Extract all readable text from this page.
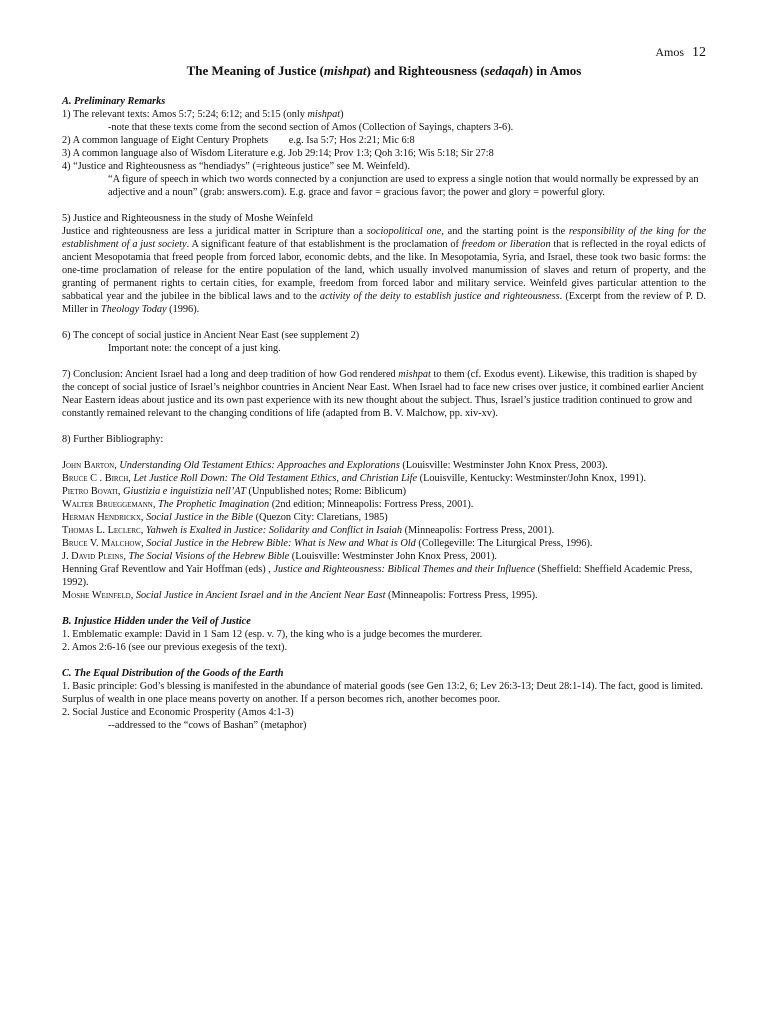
Amos 12
The Meaning of Justice (mishpat) and Righteousness (sedaqah) in Amos

A. Preliminary Remarks

1) The relevant texts: Amos 5:7; 5:24; 6:12; and 5:15 (only mishpat)

-note that these texts come from the second section of Amos (Collection of Sayings, chapters 3-6).

2) A common language of Eight Century Prophets        e.g. Isa 5:7; Hos 2:21; Mic 6:8

3) A common language also of Wisdom Literature e.g. Job 29:14; Prov 1:3; Qoh 3:16; Wis 5:18; Sir 27:8

4) “Justice and Righteousness as “hendiadys” (=righteous justice” see M. Weinfeld).

“A figure of speech in which two words connected by a conjunction are used to express a single notion that would normally be expressed by an adjective and a noun” (grab: answers.com). E.g. grace and favor = gracious favor; the power and glory = powerful glory.

5) Justice and Righteousness in the study of Moshe Weinfeld

Justice and righteousness are less a juridical matter in Scripture than a sociopolitical one, and the starting point is the responsibility of the king for the establishment of a just society. A significant feature of that establishment is the proclamation of freedom or liberation that is reflected in the royal edicts of ancient Mesopotamia that freed people from forced labor, economic debts, and the like. In Mesopotamia, Syria, and Israel, these took two basic forms: the one-time proclamation of release for the entire population of the land, which usually involved manumission of slaves and return of property, and the granting of permanent rights to certain cities, for example, freedom from forced labor and military service. Weinfeld gives particular attention to the sabbatical year and the jubilee in the biblical laws and to the activity of the deity to establish justice and righteousness. (Excerpt from the review of P. D. Miller in Theology Today (1996).

6) The concept of social justice in Ancient Near East (see supplement 2)

Important note: the concept of a just king.

7) Conclusion: Ancient Israel had a long and deep tradition of how God rendered mishpat to them (cf. Exodus event). Likewise, this tradition is shaped by the concept of social justice of Israel’s neighbor countries in Ancient Near East. When Israel had to face new crises over justice, it combined earlier Ancient Near Eastern ideas about justice and its own past experience with its new thought about the subject. Thus, Israel’s justice tradition continued to grow and constantly remained relevant to the changing conditions of life (adapted from B. V. Malchow, pp. xiv-xv).

8) Further Bibliography:

John Barton, Understanding Old Testament Ethics: Approaches and Explorations (Louisville: Westminster John Knox Press, 2003).

Bruce C . Birch, Let Justice Roll Down: The Old Testament Ethics, and Christian Life (Louisville, Kentucky: Westminster/John Knox, 1991).

Pietro Bovati, Giustizia e inguistizia nell’AT (Unpublished notes; Rome: Biblicum)

Walter Brueggemann, The Prophetic Imagination (2nd edition; Minneapolis: Fortress Press, 2001).

Herman Hendrickx, Social Justice in the Bible (Quezon City: Claretians, 1985)

Thomas L. Leclerc, Yahweh is Exalted in Justice: Solidarity and Conflict in Isaiah (Minneapolis: Fortress Press, 2001).

Bruce V. Malchow, Social Justice in the Hebrew Bible: What is New and What is Old (Collegeville: The Liturgical Press, 1996).

J. David Pleins, The Social Visions of the Hebrew Bible (Louisville: Westminster John Knox Press, 2001).

Henning Graf Reventlow and Yair Hoffman (eds) , Justice and Righteousness: Biblical Themes and their Influence (Sheffield: Sheffield Academic Press, 1992).

Moshe Weinfeld, Social Justice in Ancient Israel and in the Ancient Near East (Minneapolis: Fortress Press, 1995).

B. Injustice Hidden under the Veil of Justice

1. Emblematic example: David in 1 Sam 12 (esp. v. 7), the king who is a judge becomes the murderer.

2. Amos 2:6-16 (see our previous exegesis of the text).

C. The Equal Distribution of the Goods of the Earth

1. Basic principle: God’s blessing is manifested in the abundance of material goods (see Gen 13:2, 6; Lev 26:3-13; Deut 28:1-14). The fact, good is limited. Surplus of wealth in one place means poverty on another. If a person becomes rich, another becomes poor.

2. Social Justice and Economic Prosperity (Amos 4:1-3)

--addressed to the “cows of Bashan” (metaphor)
